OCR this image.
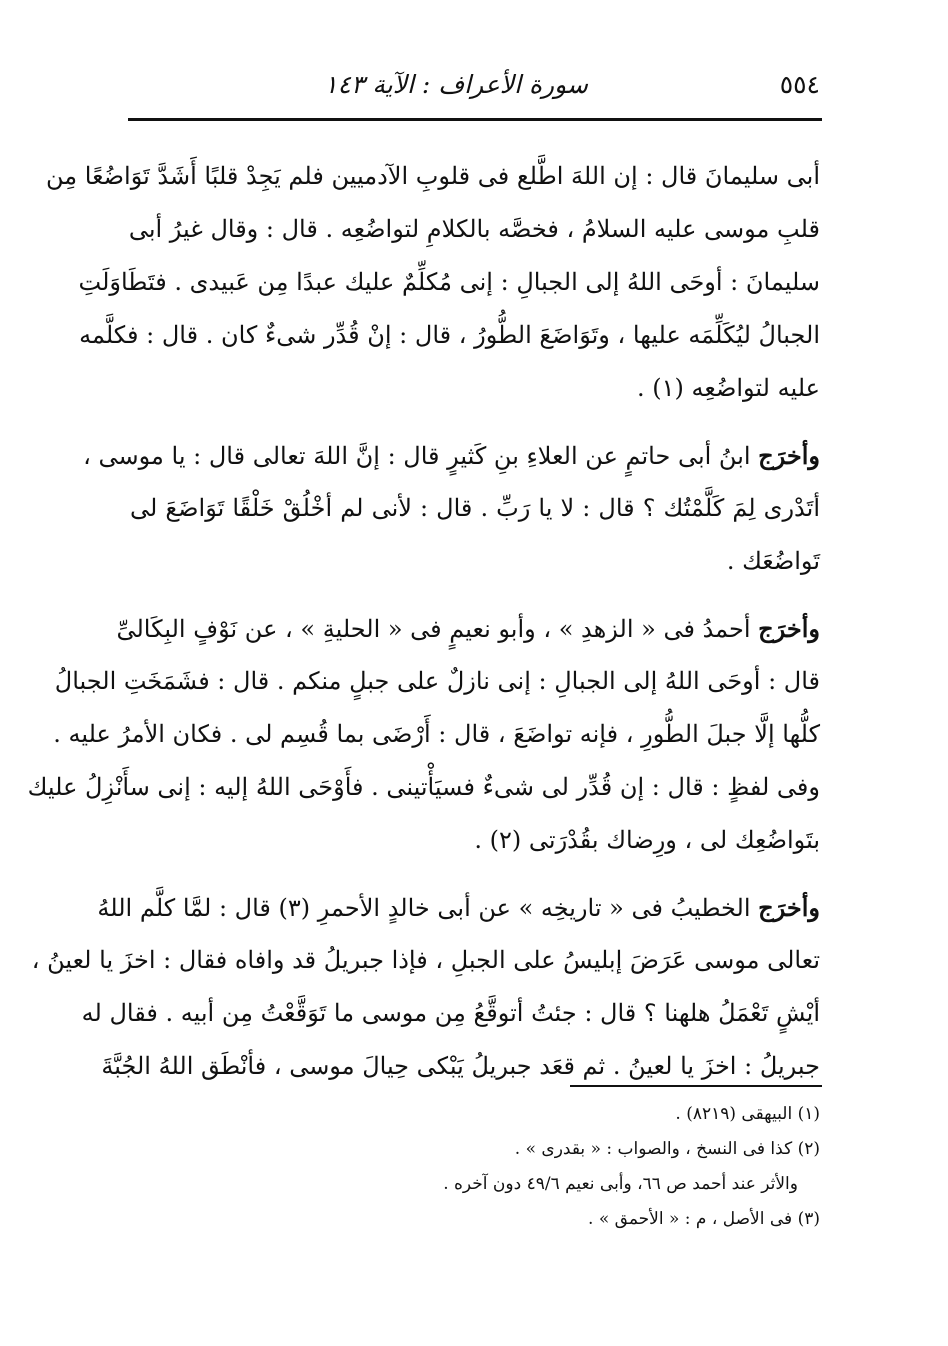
٥٥٤
سورة الأعراف : الآية ١٤٣
أبى سليمانَ قال : إن اللهَ اطَّلع فى قلوبِ الآدميين فلم يَجِدْ قلبًا أَشَدَّ تَوَاضُعًا مِن
قلبِ موسى عليه السلامُ ، فخصَّه بالكلامِ لتواضُعِه . قال : وقال غيرُ أبى
سليمانَ : أوحَى اللهُ إلى الجبالِ : إنى مُكلِّمٌ عليك عبدًا مِن عَبيدى . فتَطَاوَلَتِ
الجبالُ ليُكَلِّمَه عليها ، وتَوَاضَعَ الطُّورُ ، قال : إنْ قُدِّر شىءٌ كان . قال : فكلَّمه
عليه لتواضُعِه (١) .
وأخرَج ابنُ أبى حاتمٍ عن العلاءِ بنِ كَثيرٍ قال : إنَّ اللهَ تعالى قال : يا موسى ،
أتَدْرى لِمَ كَلَّمْتُك ؟ قال : لا يا رَبِّ . قال : لأنى لم أخْلُقْ خَلْقًا تَوَاضَعَ لى
تَواضُعَك .
وأخرَج أحمدُ فى « الزهدِ » ، وأبو نعيمٍ فى « الحليةِ » ، عن نَوْفٍ البِكَالىِّ
قال : أوحَى اللهُ إلى الجبالِ : إنى نازلٌ على جبلٍ منكم . قال : فشَمَخَتِ الجبالُ
كلُّها إلَّا جبلَ الطُّورِ ، فإنه تواضَعَ ، قال : أَرْضَى بما قُسِم لى . فكان الأمرُ عليه .
وفى لفظٍ : قال : إن قُدِّر لى شىءٌ فسيَأْتينى . فأَوْحَى اللهُ إليه : إنى سأَنْزِلُ عليك
بتَواضُعِك لى ، ورِضاك بقُدْرَتى (٢) .
وأخرَج الخطيبُ فى « تاريخِه » عن أبى خالدٍ الأحمرِ (٣) قال : لمَّا كلَّم اللهُ
تعالى موسى عَرَضَ إبليسُ على الجبلِ ، فإذا جبريلُ قد وافاه فقال : اخزَ يا لعينُ ،
أيْشٍ تَعْمَلُ هلهنا ؟ قال : جئتُ أتوقَّعُ مِن موسى ما تَوَقَّعْتُ مِن أبيه . فقال له
جبريلُ : اخزَ يا لعينُ . ثم قعَد جبريلُ يَبْكى حِيالَ موسى ، فأنْطَق اللهُ الجُبَّةَ
(١) البيهقى (٨٢١٩) .
(٢) كذا فى النسخ ، والصواب : « بقدرى » .
والأثر عند أحمد ص ٦٦، وأبى نعيم ٤٩/٦ دون آخره .
(٣) فى الأصل ، م : « الأحمق » .
